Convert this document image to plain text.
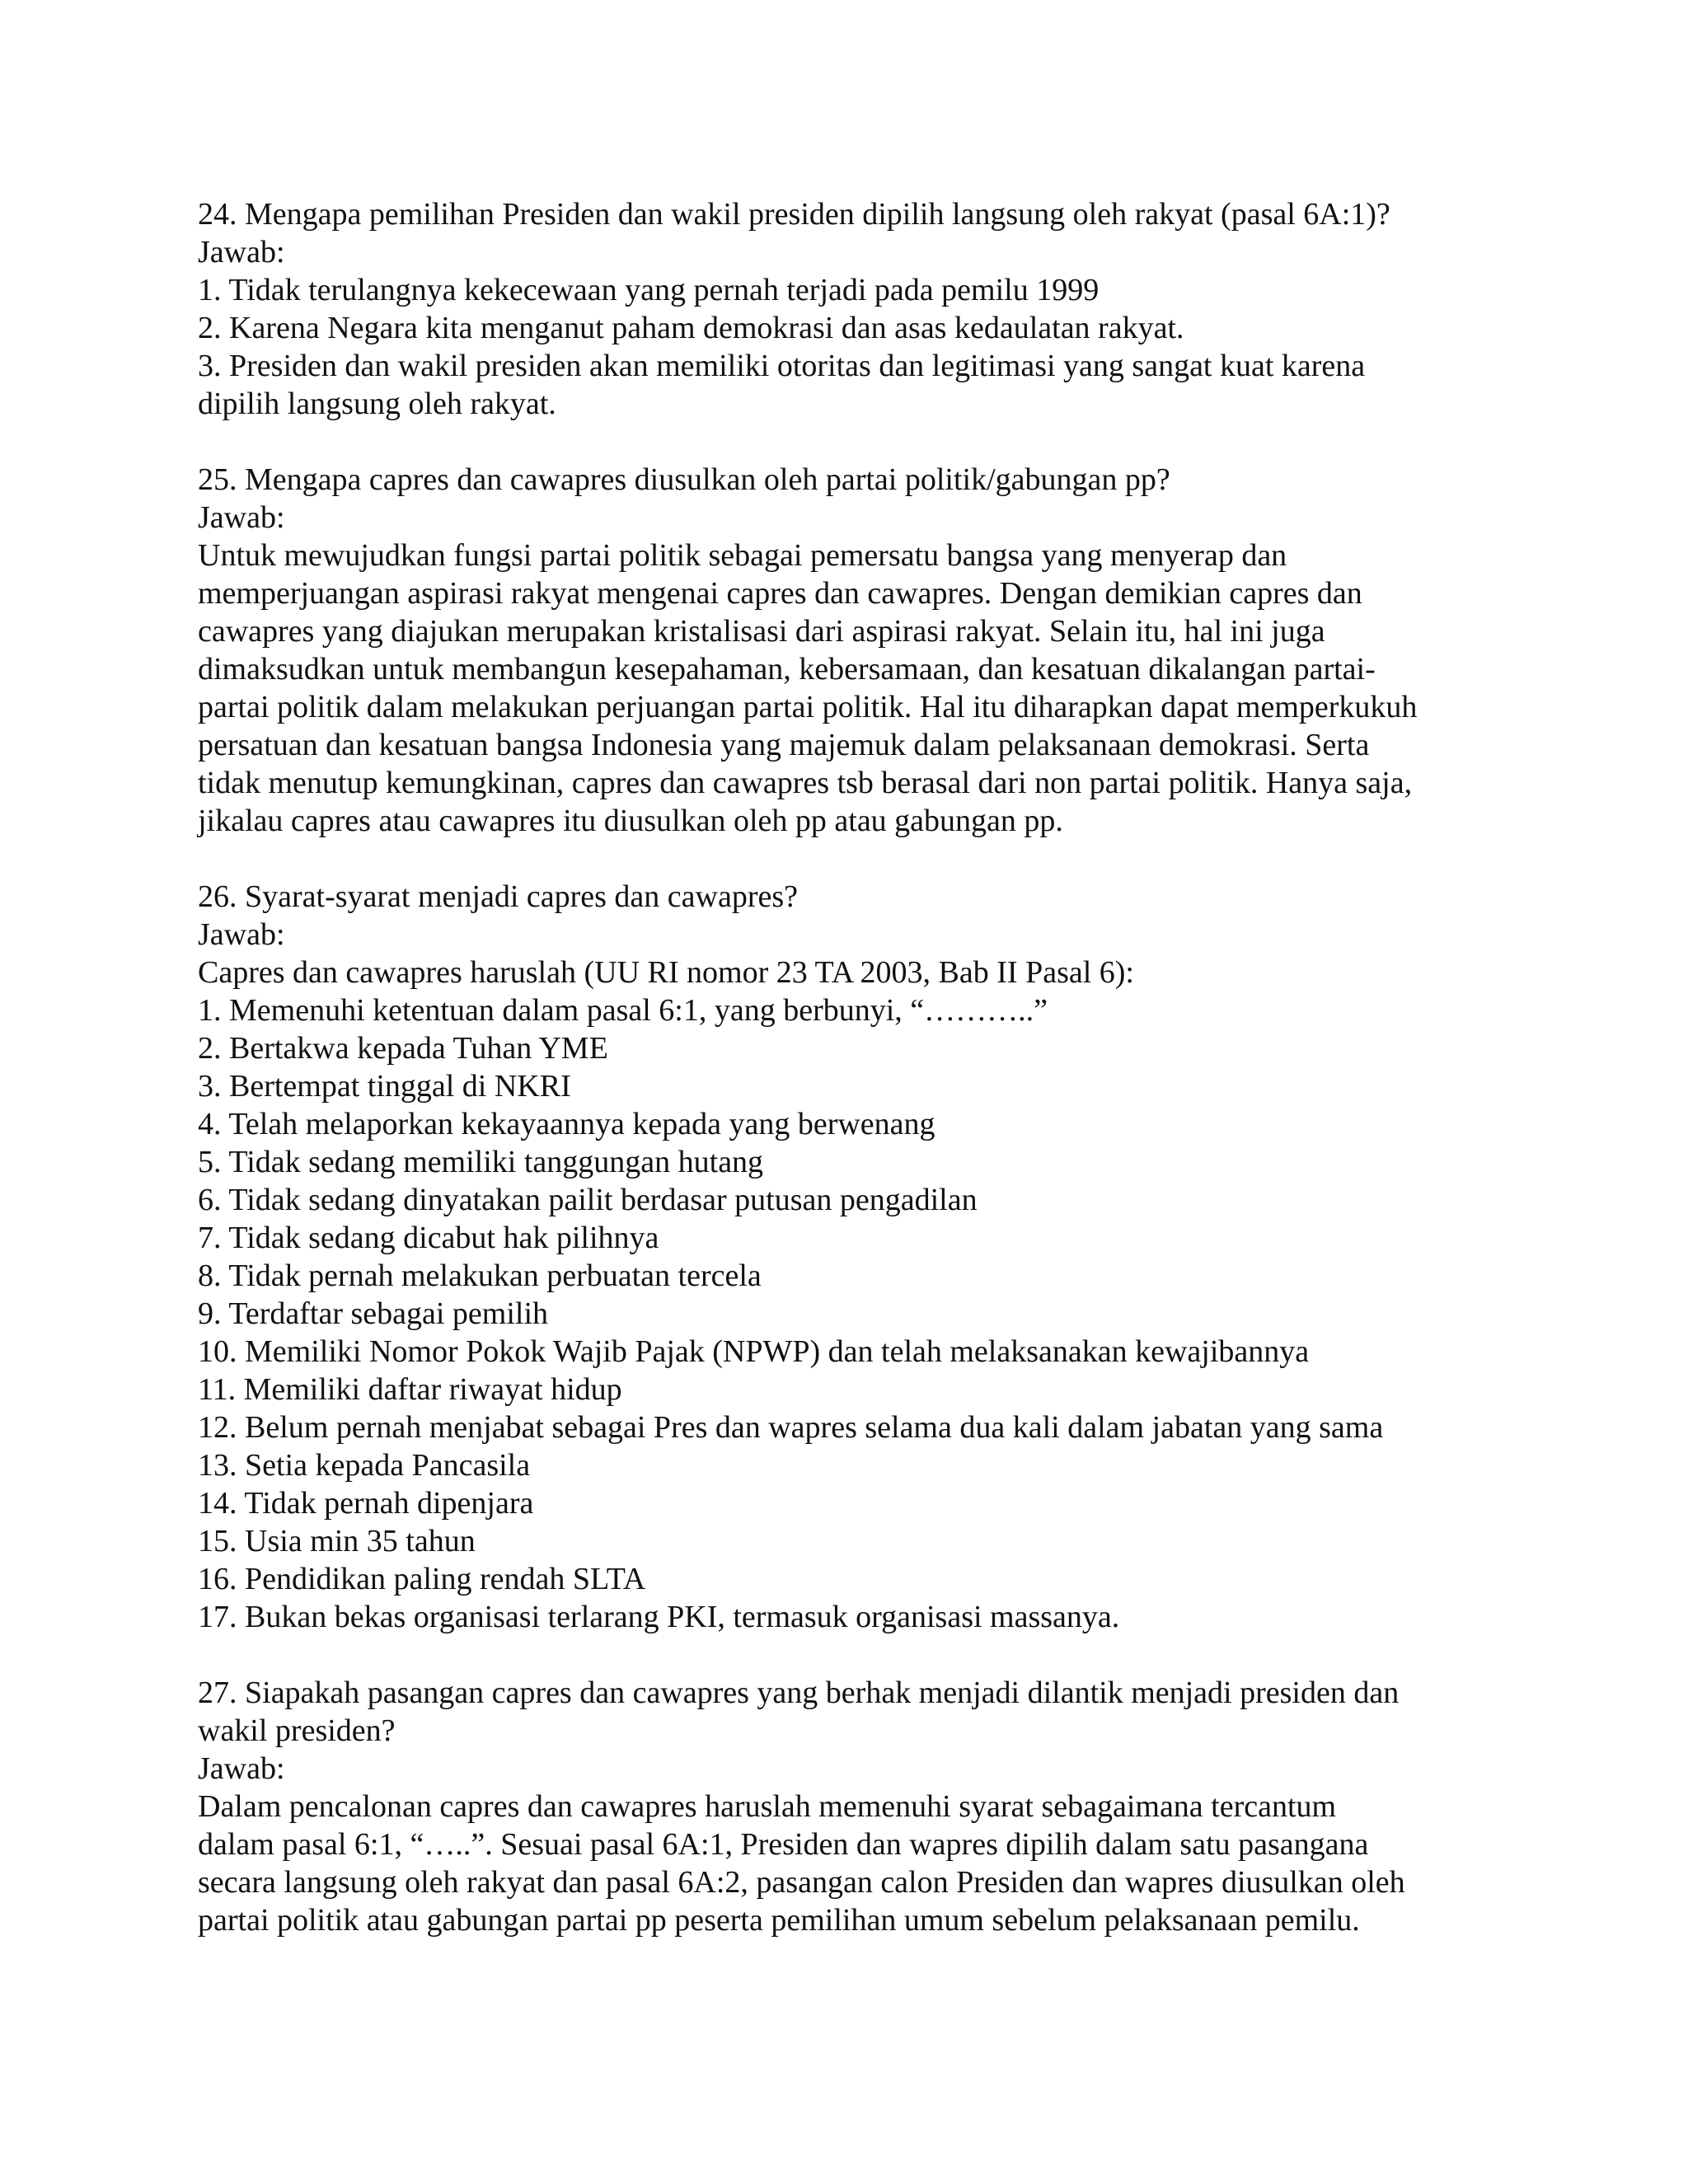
24. Mengapa pemilihan Presiden dan wakil presiden dipilih langsung oleh rakyat (pasal 6A:1)?
Jawab:
1. Tidak terulangnya kekecewaan yang pernah terjadi pada pemilu 1999
2. Karena Negara kita menganut paham demokrasi dan asas kedaulatan rakyat.
3. Presiden dan wakil presiden akan memiliki otoritas dan legitimasi yang sangat kuat karena
dipilih langsung oleh rakyat.
25. Mengapa capres dan cawapres diusulkan oleh partai politik/gabungan pp?
Jawab:
Untuk mewujudkan fungsi partai politik sebagai pemersatu bangsa yang menyerap dan
memperjuangan aspirasi rakyat mengenai capres dan cawapres. Dengan demikian capres dan
cawapres yang diajukan merupakan kristalisasi dari aspirasi rakyat. Selain itu, hal ini juga
dimaksudkan untuk membangun kesepahaman, kebersamaan, dan kesatuan dikalangan partai-
partai politik dalam melakukan perjuangan partai politik. Hal itu diharapkan dapat memperkukuh
persatuan dan kesatuan bangsa Indonesia yang majemuk dalam pelaksanaan demokrasi. Serta
tidak menutup kemungkinan, capres dan cawapres tsb berasal dari non partai politik. Hanya saja,
jikalau capres atau cawapres itu diusulkan oleh pp atau gabungan pp.
26. Syarat-syarat menjadi capres dan cawapres?
Jawab:
Capres dan cawapres haruslah (UU RI nomor 23 TA 2003, Bab II Pasal 6):
1. Memenuhi ketentuan dalam pasal 6:1, yang berbunyi, “………..”
2. Bertakwa kepada Tuhan YME
3. Bertempat tinggal di NKRI
4. Telah melaporkan kekayaannya kepada yang berwenang
5. Tidak sedang memiliki tanggungan hutang
6. Tidak sedang dinyatakan pailit berdasar putusan pengadilan
7. Tidak sedang dicabut hak pilihnya
8. Tidak pernah melakukan perbuatan tercela
9. Terdaftar sebagai pemilih
10. Memiliki Nomor Pokok Wajib Pajak (NPWP) dan telah melaksanakan kewajibannya
11. Memiliki daftar riwayat hidup
12. Belum pernah menjabat sebagai Pres dan wapres selama dua kali dalam jabatan yang sama
13. Setia kepada Pancasila
14. Tidak pernah dipenjara
15. Usia min 35 tahun
16. Pendidikan paling rendah SLTA
17. Bukan bekas organisasi terlarang PKI, termasuk organisasi massanya.
27. Siapakah pasangan capres dan cawapres yang berhak menjadi dilantik menjadi presiden dan
wakil presiden?
Jawab:
Dalam pencalonan capres dan cawapres haruslah memenuhi syarat sebagaimana tercantum
dalam pasal 6:1, “…..”. Sesuai pasal 6A:1, Presiden dan wapres dipilih dalam satu pasangana
secara langsung oleh rakyat dan pasal 6A:2, pasangan calon Presiden dan wapres diusulkan oleh
partai politik atau gabungan partai pp peserta pemilihan umum sebelum pelaksanaan pemilu.
